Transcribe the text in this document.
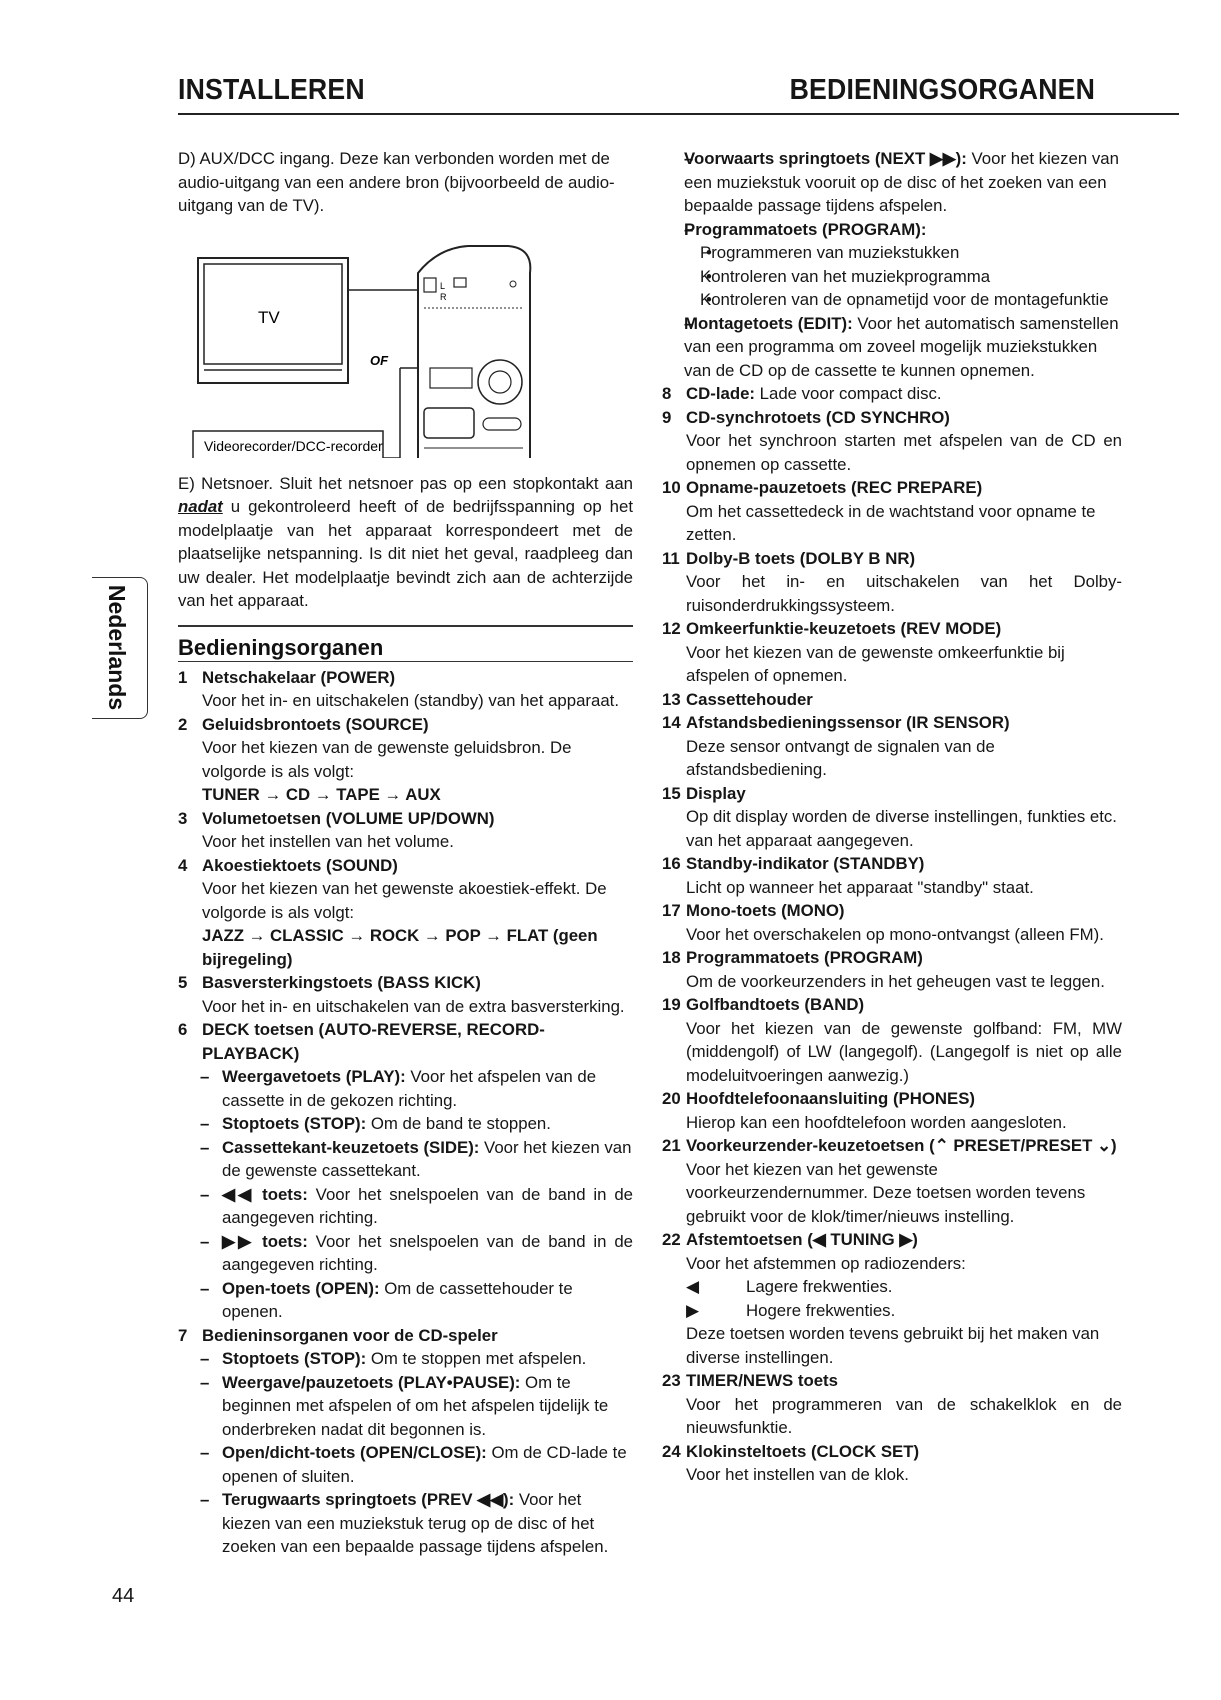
INSTALLEREN	BEDIENINGSORGANEN
Nederlands

D) AUX/DCC ingang. Deze kan verbonden worden met de audio-uitgang van een andere bron (bijvoorbeeld de audio-uitgang van de TV).

TV
Videorecorder/DCC-recorder
OF
L
R

E) Netsnoer. Sluit het netsnoer pas op een stopkontakt aan nadat u gekontroleerd heeft of de bedrijfsspanning op het modelplaatje van het apparaat korrespondeert met de plaatselijke netspanning. Is dit niet het geval, raadpleeg dan uw dealer. Het modelplaatje bevindt zich aan de achterzijde van het apparaat.

Bedieningsorganen
1 Netschakelaar (POWER)
Voor het in- en uitschakelen (standby) van het apparaat.
2 Geluidsbrontoets (SOURCE)
Voor het kiezen van de gewenste geluidsbron. De volgorde is als volgt:
TUNER → CD → TAPE → AUX
3 Volumetoetsen (VOLUME UP/DOWN)
Voor het instellen van het volume.
4 Akoestiektoets (SOUND)
Voor het kiezen van het gewenste akoestiek-effekt. De volgorde is als volgt:
JAZZ → CLASSIC → ROCK → POP → FLAT (geen bijregeling)
5 Basversterkingstoets (BASS KICK)
Voor het in- en uitschakelen van de extra basversterking.
6 DECK toetsen (AUTO-REVERSE, RECORD-PLAYBACK)
– Weergavetoets (PLAY): Voor het afspelen van de cassette in de gekozen richting.
– Stoptoets (STOP): Om de band te stoppen.
– Cassettekant-keuzetoets (SIDE): Voor het kiezen van de gewenste cassettekant.
– ◀◀ toets: Voor het snelspoelen van de band in de aangegeven richting.
– ▶▶ toets: Voor het snelspoelen van de band in de aangegeven richting.
– Open-toets (OPEN): Om de cassettehouder te openen.
7 Bedieninsorganen voor de CD-speler
– Stoptoets (STOP): Om te stoppen met afspelen.
– Weergave/pauzetoets (PLAY•PAUSE): Om te beginnen met afspelen of om het afspelen tijdelijk te onderbreken nadat dit begonnen is.
– Open/dicht-toets (OPEN/CLOSE): Om de CD-lade te openen of sluiten.
– Terugwaarts springtoets (PREV ◀◀): Voor het kiezen van een muziekstuk terug op de disc of het zoeken van een bepaalde passage tijdens afspelen.
– Voorwaarts springtoets (NEXT ▶▶): Voor het kiezen van een muziekstuk vooruit op de disc of het zoeken van een bepaalde passage tijdens afspelen.
– Programmatoets (PROGRAM):
• Programmeren van muziekstukken
• Kontroleren van het muziekprogramma
• Kontroleren van de opnametijd voor de montagefunktie
– Montagetoets (EDIT): Voor het automatisch samenstellen van een programma om zoveel mogelijk muziekstukken van de CD op de cassette te kunnen opnemen.
8 CD-lade: Lade voor compact disc.
9 CD-synchrotoets (CD SYNCHRO)
Voor het synchroon starten met afspelen van de CD en opnemen op cassette.
10 Opname-pauzetoets (REC PREPARE)
Om het cassettedeck in de wachtstand voor opname te zetten.
11 Dolby-B toets (DOLBY B NR)
Voor het in- en uitschakelen van het Dolby-ruisonderdrukkingssysteem.
12 Omkeerfunktie-keuzetoets (REV MODE)
Voor het kiezen van de gewenste omkeerfunktie bij afspelen of opnemen.
13 Cassettehouder
14 Afstandsbedieningssensor (IR SENSOR)
Deze sensor ontvangt de signalen van de afstandsbediening.
15 Display
Op dit display worden de diverse instellingen, funkties etc. van het apparaat aangegeven.
16 Standby-indikator (STANDBY)
Licht op wanneer het apparaat "standby" staat.
17 Mono-toets (MONO)
Voor het overschakelen op mono-ontvangst (alleen FM).
18 Programmatoets (PROGRAM)
Om de voorkeurzenders in het geheugen vast te leggen.
19 Golfbandtoets (BAND)
Voor het kiezen van de gewenste golfband: FM, MW (middengolf) of LW (langegolf). (Langegolf is niet op alle modeluitvoeringen aanwezig.)
20 Hoofdtelefoonaansluiting (PHONES)
Hierop kan een hoofdtelefoon worden aangesloten.
21 Voorkeurzender-keuzetoetsen (⌃ PRESET/PRESET ⌄)
Voor het kiezen van het gewenste voorkeurzendernummer. Deze toetsen worden tevens gebruikt voor de klok/timer/nieuws instelling.
22 Afstemtoetsen (◀ TUNING ▶)
Voor het afstemmen op radiozenders:
◀	Lagere frekwenties.
▶	Hogere frekwenties.
Deze toetsen worden tevens gebruikt bij het maken van diverse instellingen.
23 TIMER/NEWS toets
Voor het programmeren van de schakelklok en de nieuwsfunktie.
24 Klokinsteltoets (CLOCK SET)
Voor het instellen van de klok.
44
